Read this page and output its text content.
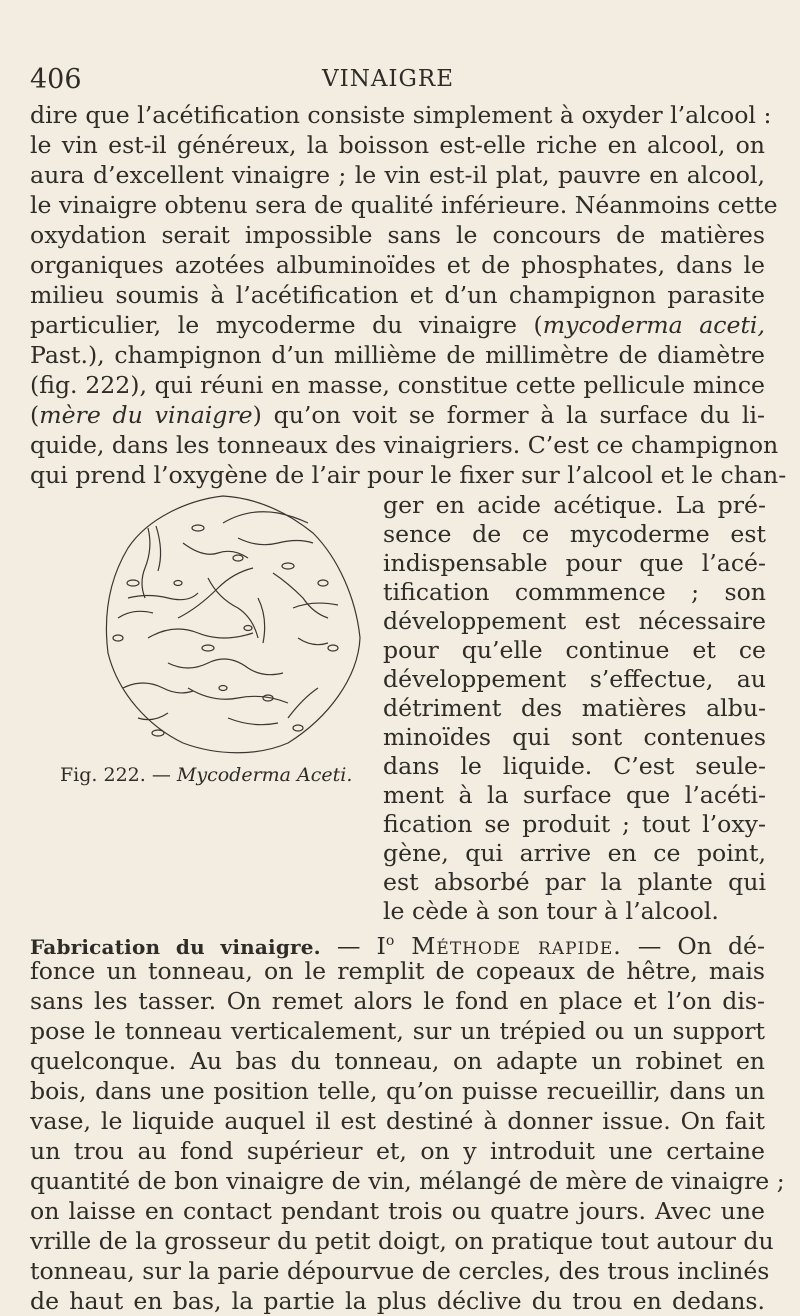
406	VINAIGRE
dire que l’acétification consiste simplement à oxyder l’alcool :
le vin est-il généreux, la boisson est-elle riche en alcool, on
aura d’excellent vinaigre ; le vin est-il plat, pauvre en alcool,
le vinaigre obtenu sera de qualité inférieure. Néanmoins cette
oxydation serait impossible sans le concours de matières
organiques azotées albuminoïdes et de phosphates, dans le
milieu soumis à l’acétification et d’un champignon parasite
particulier, le mycoderme du vinaigre (mycoderma aceti,
Past.), champignon d’un millième de millimètre de diamètre
(fig. 222), qui réuni en masse, constitue cette pellicule mince
(mère du vinaigre) qu’on voit se former à la surface du li-
quide, dans les tonneaux des vinaigriers. C’est ce champignon
qui prend l’oxygène de l’air pour le fixer sur l’alcool et le chan-
ger en acide acétique. La pré-
sence de ce mycoderme est
indispensable pour que l’acé-
tification commmence ; son
développement est nécessaire
pour qu’elle continue et ce
développement s’effectue, au
détriment des matières albu-
minoïdes qui sont contenues
dans le liquide. C’est seule-
ment à la surface que l’acéti-
fication se produit ; tout l’oxy-
gène, qui arrive en ce point,
est absorbé par la plante qui
le cède à son tour à l’alcool.
Fig. 222. — Mycoderma Aceti.
Fabrication du vinaigre. — $I^o$ Méthode rapide. — On dé-
fonce un tonneau, on le remplit de copeaux de hêtre, mais
sans les tasser. On remet alors le fond en place et l’on dis-
pose le tonneau verticalement, sur un trépied ou un support
quelconque. Au bas du tonneau, on adapte un robinet en
bois, dans une position telle, qu’on puisse recueillir, dans un
vase, le liquide auquel il est destiné à donner issue. On fait
un trou au fond supérieur et, on y introduit une certaine
quantité de bon vinaigre de vin, mélangé de mère de vinaigre ;
on laisse en contact pendant trois ou quatre jours. Avec une
vrille de la grosseur du petit doigt, on pratique tout autour du
tonneau, sur la parie dépourvue de cercles, des trous inclinés
de haut en bas, la partie la plus déclive du trou en dedans.
